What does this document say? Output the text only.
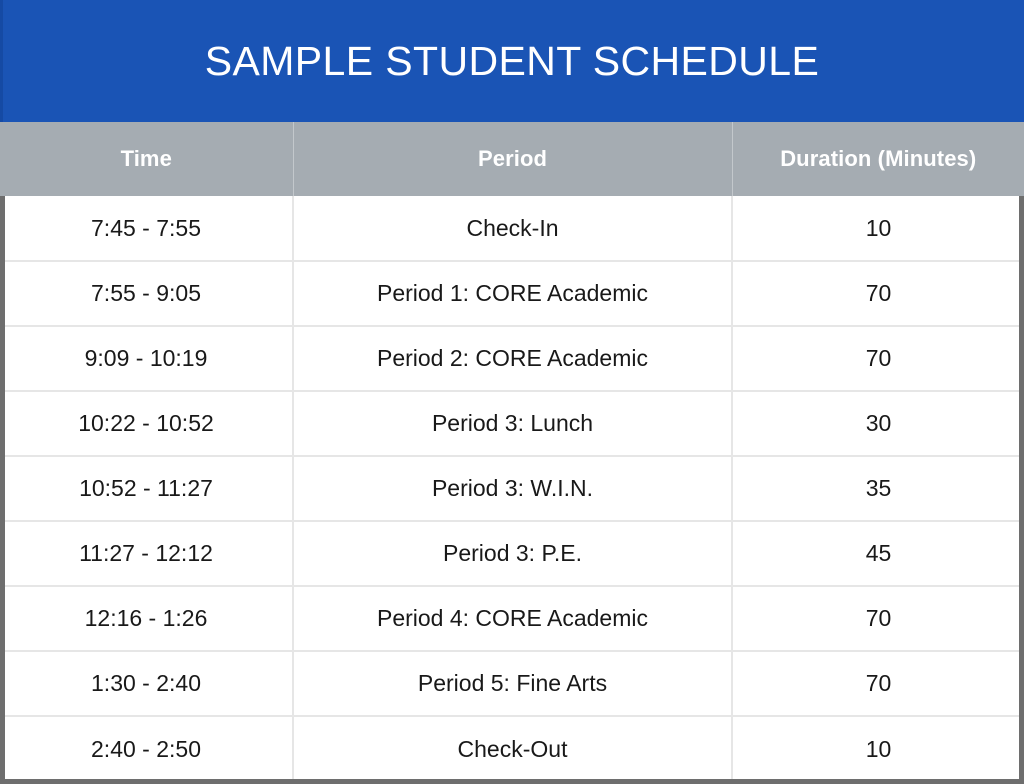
SAMPLE STUDENT SCHEDULE
Time	Period	Duration (Minutes)
7:45 - 7:55	Check-In	10
7:55 - 9:05	Period 1: CORE Academic	70
9:09 - 10:19	Period 2: CORE Academic	70
10:22 - 10:52	Period 3: Lunch	30
10:52 - 11:27	Period 3: W.I.N.	35
11:27 - 12:12	Period 3: P.E.	45
12:16 - 1:26	Period 4: CORE Academic	70
1:30 - 2:40	Period 5: Fine Arts	70
2:40 - 2:50	Check-Out	10
